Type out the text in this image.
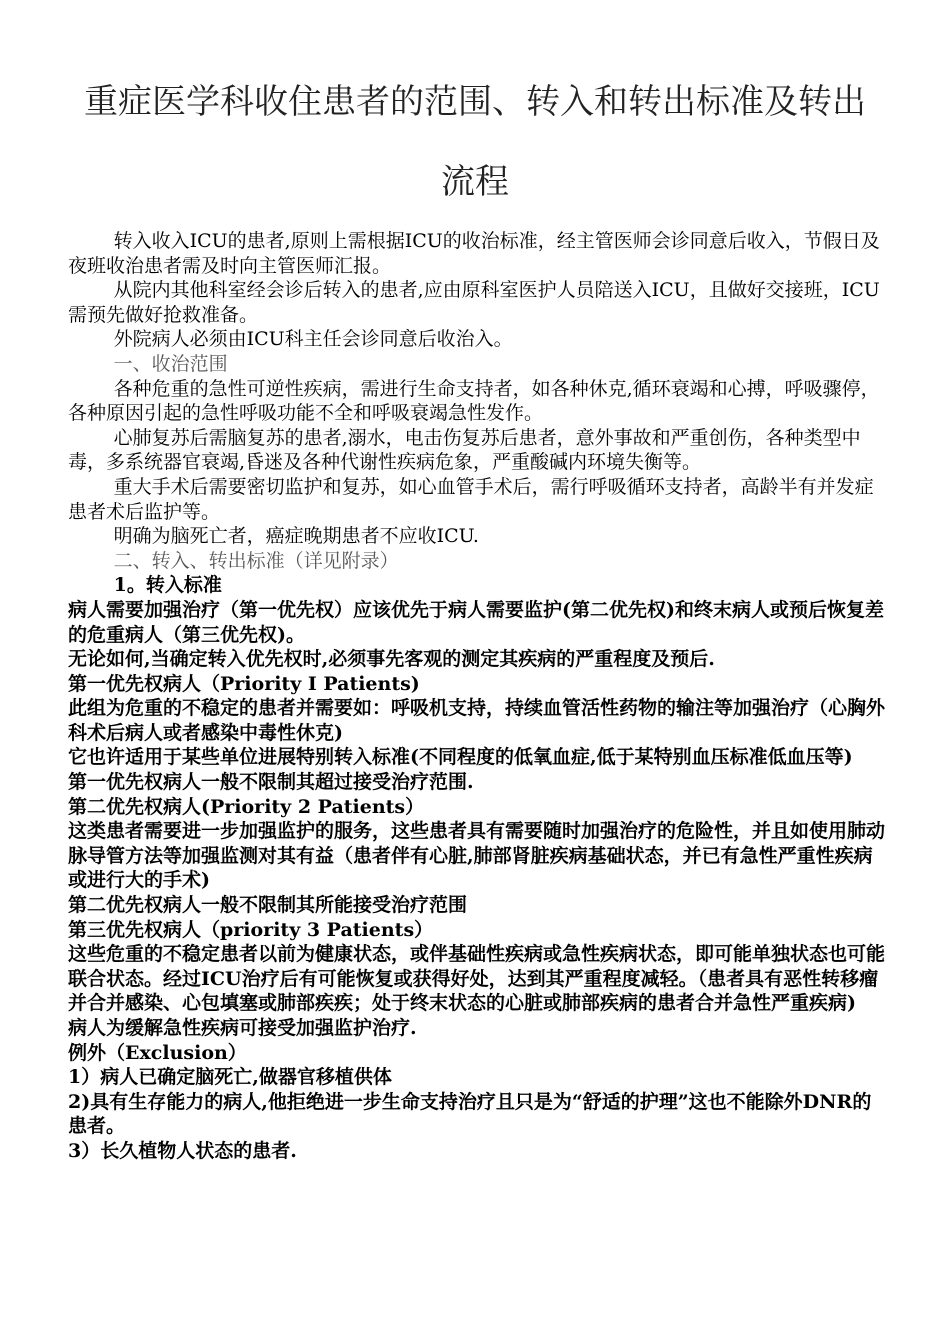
重症医学科收住患者的范围、转入和转出标准及转出
流程

转入收入ICU的患者,原则上需根据ICU的收治标准，经主管医师会诊同意后收入，节假日及夜班收治患者需及时向主管医师汇报。

从院内其他科室经会诊后转入的患者,应由原科室医护人员陪送入ICU，且做好交接班，ICU需预先做好抢救准备。

外院病人必须由ICU科主任会诊同意后收治入。

一、收治范围

各种危重的急性可逆性疾病，需进行生命支持者，如各种休克,循环衰竭和心搏，呼吸骤停，各种原因引起的急性呼吸功能不全和呼吸衰竭急性发作。

心肺复苏后需脑复苏的患者,溺水，电击伤复苏后患者，意外事故和严重创伤，各种类型中毒，多系统器官衰竭,昏迷及各种代谢性疾病危象，严重酸碱内环境失衡等。

重大手术后需要密切监护和复苏，如心血管手术后，需行呼吸循环支持者，高龄半有并发症患者术后监护等。

明确为脑死亡者，癌症晚期患者不应收ICU.

二、转入、转出标准（详见附录）

1。转入标准

病人需要加强治疗（第一优先权）应该优先于病人需要监护(第二优先权)和终末病人或预后恢复差的危重病人（第三优先权)。

无论如何,当确定转入优先权时,必须事先客观的测定其疾病的严重程度及预后.

第一优先权病人（Priority I Patients)

此组为危重的不稳定的患者并需要如：呼吸机支持，持续血管活性药物的输注等加强治疗（心胸外科术后病人或者感染中毒性休克)

它也许适用于某些单位进展特别转入标准(不同程度的低氧血症,低于某特别血压标准低血压等)

第一优先权病人一般不限制其超过接受治疗范围.

第二优先权病人(Priority 2 Patients）

这类患者需要进一步加强监护的服务，这些患者具有需要随时加强治疗的危险性，并且如使用肺动脉导管方法等加强监测对其有益（患者伴有心脏,肺部肾脏疾病基础状态，并已有急性严重性疾病或进行大的手术)

第二优先权病人一般不限制其所能接受治疗范围

第三优先权病人（priority 3 Patients）

这些危重的不稳定患者以前为健康状态，或伴基础性疾病或急性疾病状态，即可能单独状态也可能联合状态。经过ICU治疗后有可能恢复或获得好处，达到其严重程度减轻。（患者具有恶性转移瘤并合并感染、心包填塞或肺部疾疾；处于终末状态的心脏或肺部疾病的患者合并急性严重疾病)

病人为缓解急性疾病可接受加强监护治疗.

例外（Exclusion）

1）病人已确定脑死亡,做器官移植供体

2)具有生存能力的病人,他拒绝进一步生命支持治疗且只是为“舒适的护理”这也不能除外DNR的患者。

3）长久植物人状态的患者.
